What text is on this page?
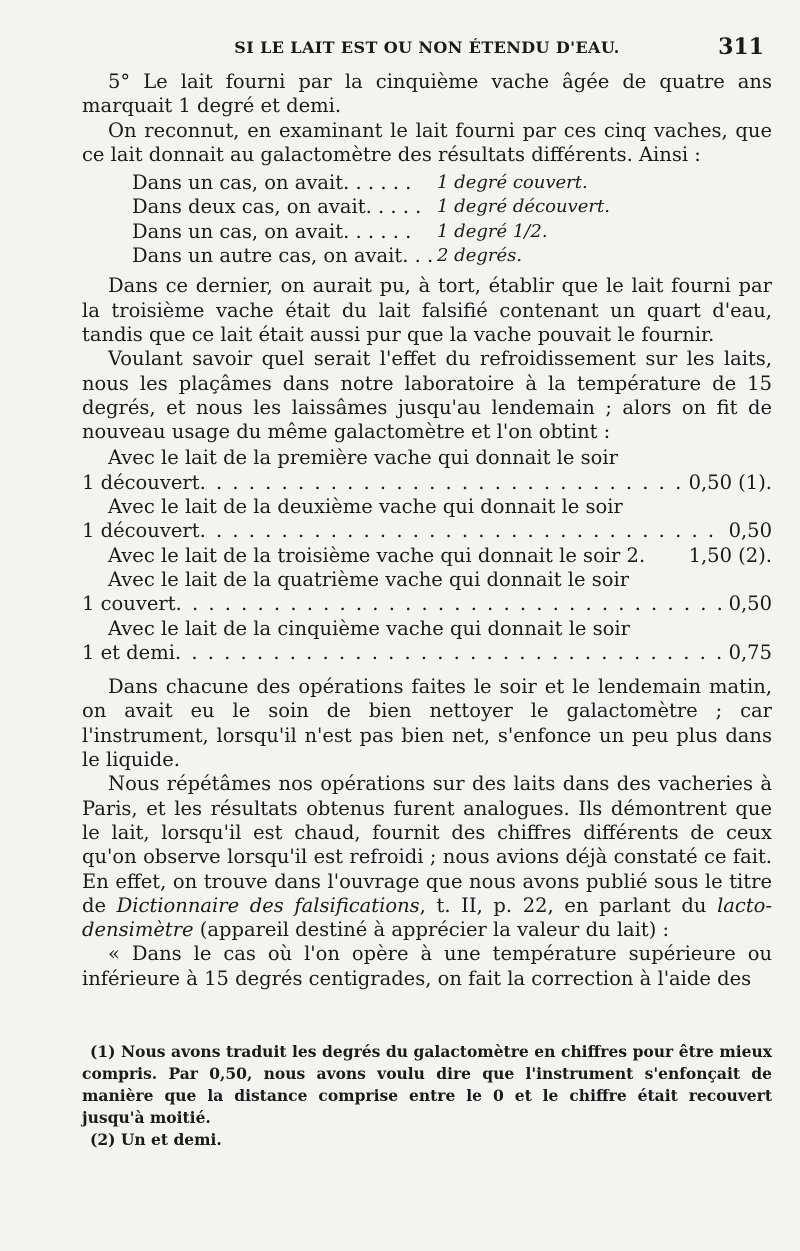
SI LE LAIT EST OU NON ÉTENDU D'EAU.	311

5° Le lait fourni par la cinquième vache âgée de quatre ans marquait 1 degré et demi.

On reconnut, en examinant le lait fourni par ces cinq vaches, que ce lait donnait au galactomètre des résultats différents. Ainsi :

Dans un cas, on avait. . . . . .	1 degré couvert.
Dans deux cas, on avait. . . . . 1 degré découvert.
Dans un cas, on avait. . . . . .	1 degré 1/2.
Dans un autre cas, on avait. . . 2 degrés.

Dans ce dernier, on aurait pu, à tort, établir que le lait fourni par la troisième vache était du lait falsifié contenant un quart d'eau, tandis que ce lait était aussi pur que la vache pouvait le fournir.

Voulant savoir quel serait l'effet du refroidissement sur les laits, nous les plaçâmes dans notre laboratoire à la température de 15 degrés, et nous les laissâmes jusqu'au lendemain ; alors on fit de nouveau usage du même galactomètre et l'on obtint :

Avec le lait de la première vache qui donnait le soir

1 découvert . . .	0,50 (1).

Avec le lait de la deuxième vache qui donnait le soir

1 découvert . . .	0,50
Avec le lait de la troisième vache qui donnait le soir 2.	1,50 (2).

Avec le lait de la quatrième vache qui donnait le soir

1 couvert . . .	0,50

Avec le lait de la cinquième vache qui donnait le soir

1 et demi . . .	0,75

Dans chacune des opérations faites le soir et le lendemain matin, on avait eu le soin de bien nettoyer le galactomètre ; car l'instrument, lorsqu'il n'est pas bien net, s'enfonce un peu plus dans le liquide.

Nous répétâmes nos opérations sur des laits dans des vacheries à Paris, et les résultats obtenus furent analogues. Ils démontrent que le lait, lorsqu'il est chaud, fournit des chiffres différents de ceux qu'on observe lorsqu'il est refroidi ; nous avions déjà constaté ce fait. En effet, on trouve dans l'ouvrage que nous avons publié sous le titre de Dictionnaire des falsifications, t. II, p. 22, en parlant du lacto-densimètre (appareil destiné à apprécier la valeur du lait) :

« Dans le cas où l'on opère à une température supérieure ou inférieure à 15 degrés centigrades, on fait la correction à l'aide des

(1) Nous avons traduit les degrés du galactomètre en chiffres pour être mieux compris. Par 0,50, nous avons voulu dire que l'instrument s'enfonçait de manière que la distance comprise entre le 0 et le chiffre était recouvert jusqu'à moitié.

(2) Un et demi.
